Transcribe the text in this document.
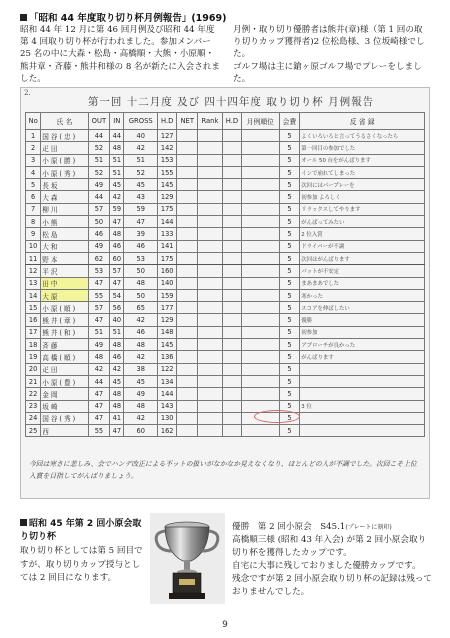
「昭和 44 年度取り切り杯月例報告」(1969)
昭和 44 年 12 月に第 46 回月例及び昭和 44 年度第 4 回取り切り杯が行われました。参加メンバー 25 名の中に大森・松島・高橋順・大熊・小原順・熊井章・斉藤・熊井和様の 8 名が新たに入会されました。
月例・取り切り優勝者は熊井(章)様（第 1 回の取り切りカップ獲得者)2 位松島様、3 位坂崎様でした。
ゴルフ場は主に鎗ヶ原ゴルフ場でプレーをしました。
2.
第一回 十二月度 及び 四十四年度 取り切り杯 月例報告
No	氏 名	OUT	IN	GROSS	H.D	NET	Rank	H.D	月例順位	会費	反 省 録
1	国谷(忠)	44	44	40	127					5	よくいろいろと言ってうるさくなったら
2	疋田	52	48	42	142					5	第一回目の参加でした
3	小原(勝)	51	51	51	153					5	オール 50 台をがんばります
4	小原(秀)	52	51	52	155					5	インで崩れてしまった
5	長坂	49	45	45	145					5	次回にはパープレーを
6	大森	44	42	43	129					5	初参加 よろしく
7	柳川	57	59	59	175					5	リラックスしてやります
8	小熊	50	47	47	144					5	がんばってみたい
9	松島	46	48	39	133					5	2 位入賞
10	大和	49	46	46	141					5	ドライバーが不調
11	野本	62	60	53	175					5	次回はがんばります
12	平沢	53	57	50	160					5	パットが不安定
13	田中	47	47	48	140					5	まあまあでした
14	大原	55	54	50	159					5	寒かった
15	小原(順)	57	56	65	177					5	スコアを伸ばしたい
16	熊井(章)	47	40	42	129					5	優勝
17	熊井(和)	51	51	46	148					5	初参加
18	斉藤	49	48	48	145					5	アプローチが良かった
19	高橋(順)	48	46	42	136					5	がんばります
20	疋田	42	42	38	122					5	
21	小原(豊)	44	45	45	134					5	
22	金岡	47	48	49	144					5	
23	坂崎	47	48	48	143					5	3 位
24	国谷(秀)	47	41	42	130					5	
25	西	55	47	60	162					5	
今回は寒さに悲しみ、会でハンデ改正による不ットの扱いがなかなか見えなくなり、ほとんどの人が不調でした。次回こそ上位入賞を目指してがんばりましょう。
昭和 45 年第 2 回小原会取り切り杯
取り切り杯としては第 5 回目ですが、取り切りカップ授与としては 2 回目になります。
優勝　第 2 回小原会　S45.1(プレートに刻印)
高橋順三様 (昭和 43 年入会) が第 2 回小原会取り切り杯を獲得したカップです。
自宅に大事に残しておりました優勝カップです。
残念ですが第 2 回小原会取り切り杯の記録は残っておりませんでした。
9
